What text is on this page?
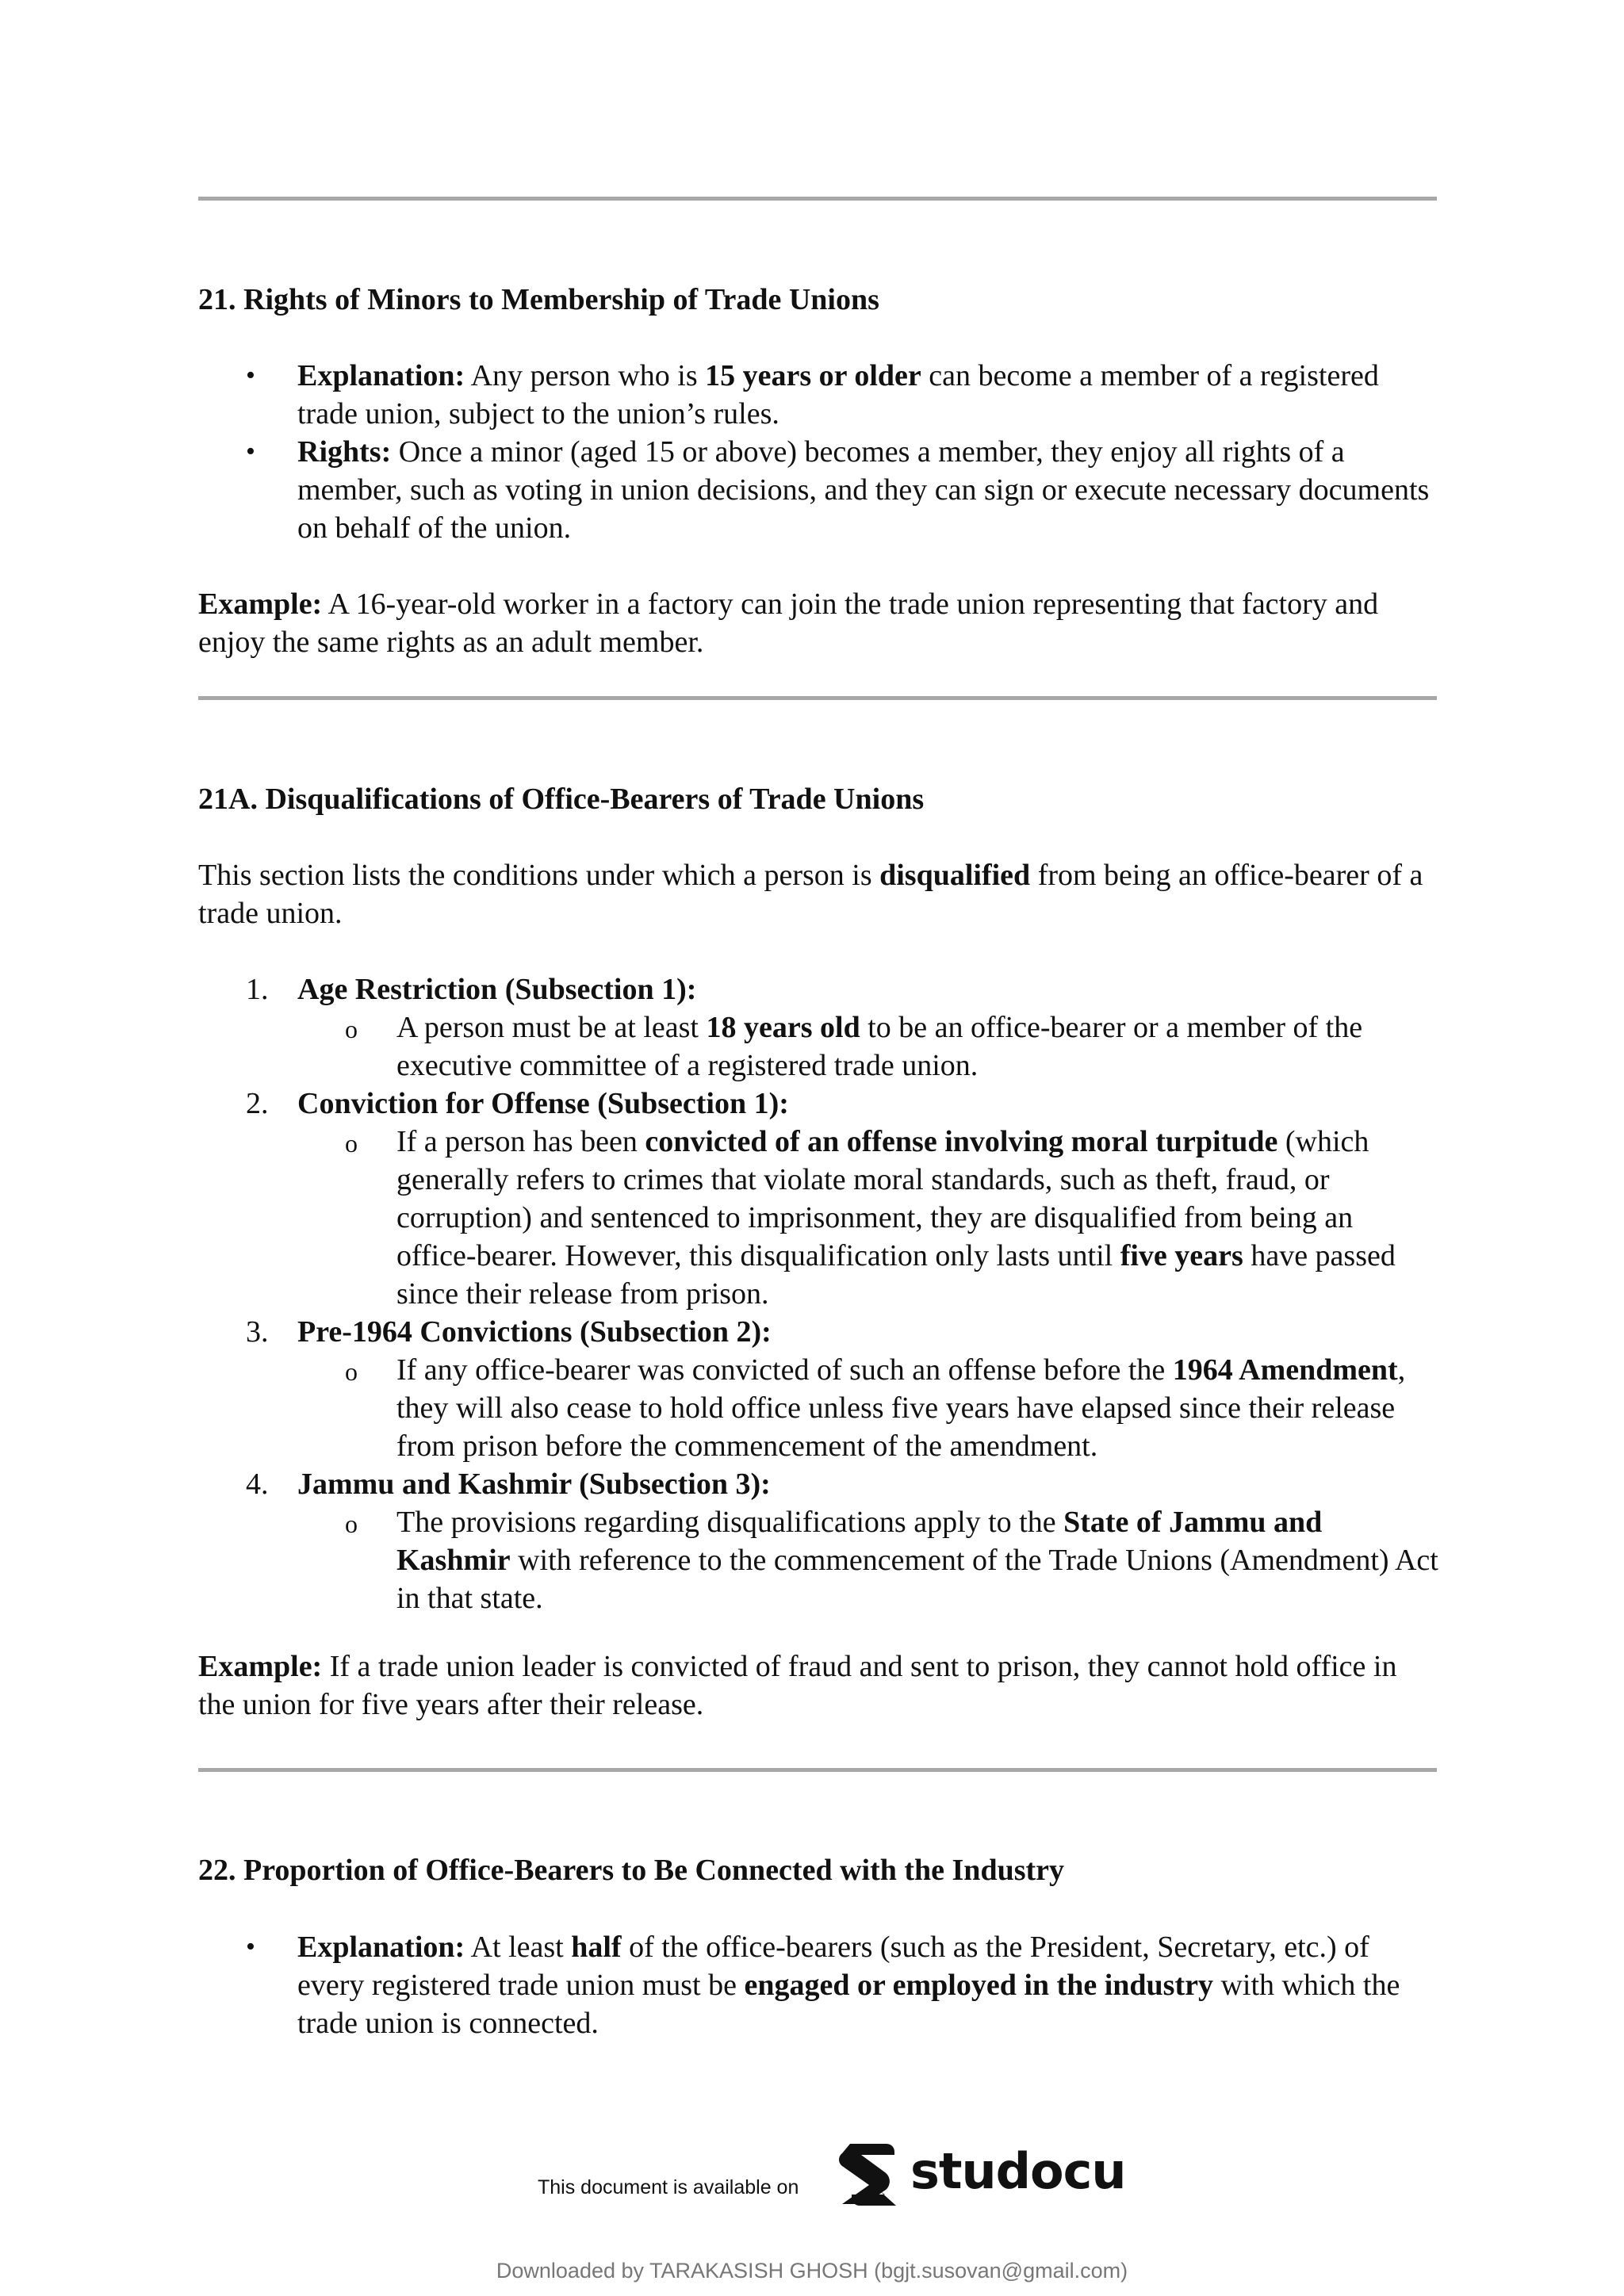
21. Rights of Minors to Membership of Trade Unions
• Explanation: Any person who is 15 years or older can become a member of a registered trade union, subject to the union’s rules.
• Rights: Once a minor (aged 15 or above) becomes a member, they enjoy all rights of a member, such as voting in union decisions, and they can sign or execute necessary documents on behalf of the union.

Example: A 16-year-old worker in a factory can join the trade union representing that factory and enjoy the same rights as an adult member.

21A. Disqualifications of Office-Bearers of Trade Unions

This section lists the conditions under which a person is disqualified from being an office-bearer of a trade union.

1. Age Restriction (Subsection 1):
o A person must be at least 18 years old to be an office-bearer or a member of the executive committee of a registered trade union.
2. Conviction for Offense (Subsection 1):
o If a person has been convicted of an offense involving moral turpitude (which generally refers to crimes that violate moral standards, such as theft, fraud, or corruption) and sentenced to imprisonment, they are disqualified from being an office-bearer. However, this disqualification only lasts until five years have passed since their release from prison.
3. Pre-1964 Convictions (Subsection 2):
o If any office-bearer was convicted of such an offense before the 1964 Amendment, they will also cease to hold office unless five years have elapsed since their release from prison before the commencement of the amendment.
4. Jammu and Kashmir (Subsection 3):
o The provisions regarding disqualifications apply to the State of Jammu and Kashmir with reference to the commencement of the Trade Unions (Amendment) Act in that state.

Example: If a trade union leader is convicted of fraud and sent to prison, they cannot hold office in the union for five years after their release.

22. Proportion of Office-Bearers to Be Connected with the Industry
• Explanation: At least half of the office-bearers (such as the President, Secretary, etc.) of every registered trade union must be engaged or employed in the industry with which the trade union is connected.
This document is available on studocu
Downloaded by TARAKASISH GHOSH (bgjt.susovan@gmail.com)
